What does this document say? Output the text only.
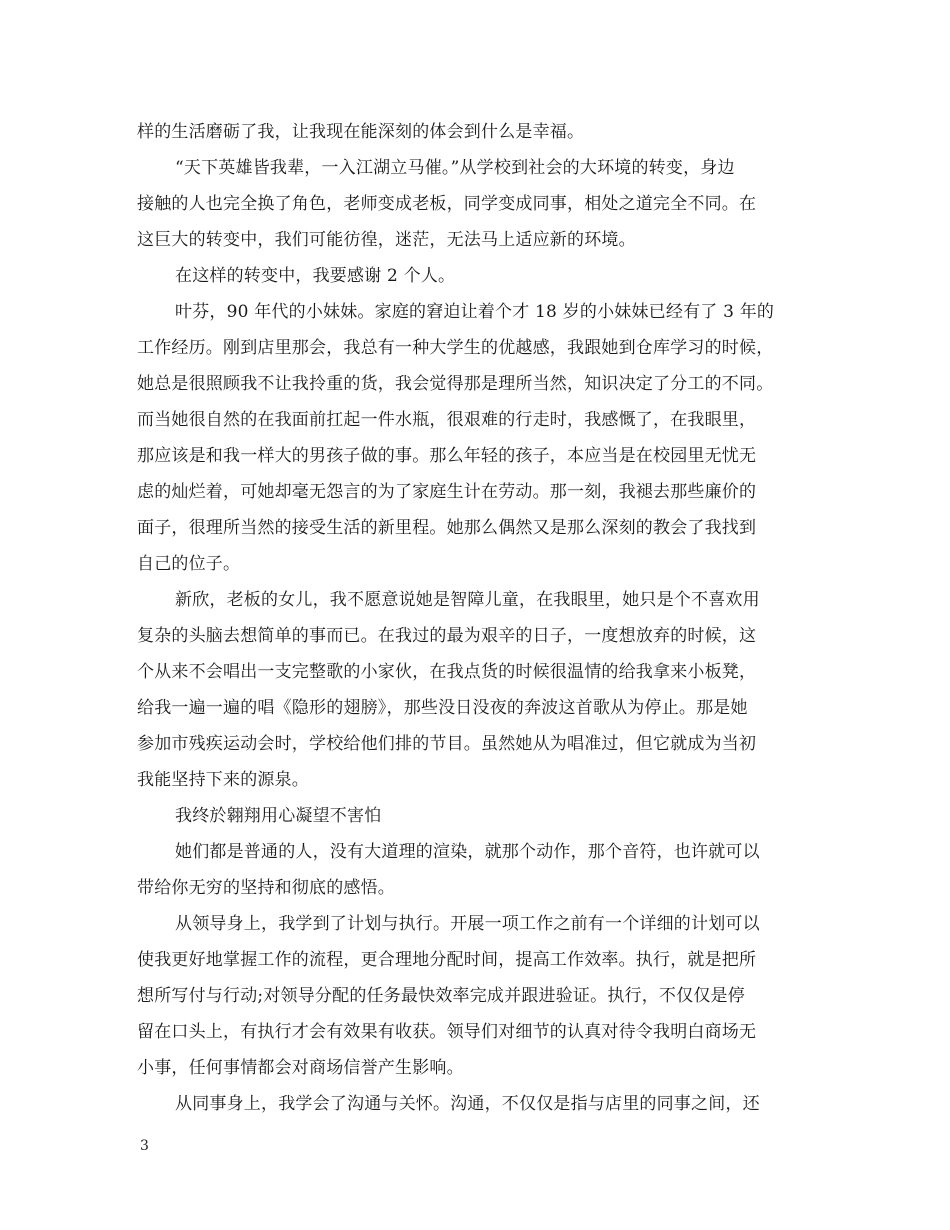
样的生活磨砺了我，让我现在能深刻的体会到什么是幸福。
“天下英雄皆我辈，一入江湖立马催。”从学校到社会的大环境的转变，身边
接触的人也完全换了角色，老师变成老板，同学变成同事，相处之道完全不同。在
这巨大的转变中，我们可能彷徨，迷茫，无法马上适应新的环境。
在这样的转变中，我要感谢 2 个人。
叶芬，90 年代的小妹妹。家庭的窘迫让着个才 18 岁的小妹妹已经有了 3 年的
工作经历。刚到店里那会，我总有一种大学生的优越感，我跟她到仓库学习的时候，
她总是很照顾我不让我拎重的货，我会觉得那是理所当然，知识决定了分工的不同。
而当她很自然的在我面前扛起一件水瓶，很艰难的行走时，我感慨了，在我眼里，
那应该是和我一样大的男孩子做的事。那么年轻的孩子，本应当是在校园里无忧无
虑的灿烂着，可她却毫无怨言的为了家庭生计在劳动。那一刻，我褪去那些廉价的
面子，很理所当然的接受生活的新里程。她那么偶然又是那么深刻的教会了我找到
自己的位子。
新欣，老板的女儿，我不愿意说她是智障儿童，在我眼里，她只是个不喜欢用
复杂的头脑去想简单的事而已。在我过的最为艰辛的日子，一度想放弃的时候，这
个从来不会唱出一支完整歌的小家伙，在我点货的时候很温情的给我拿来小板凳，
给我一遍一遍的唱《隐形的翅膀》，那些没日没夜的奔波这首歌从为停止。那是她
参加市残疾运动会时，学校给他们排的节目。虽然她从为唱准过，但它就成为当初
我能坚持下来的源泉。
我终於翱翔用心凝望不害怕
她们都是普通的人，没有大道理的渲染，就那个动作，那个音符，也许就可以
带给你无穷的坚持和彻底的感悟。
从领导身上，我学到了计划与执行。开展一项工作之前有一个详细的计划可以
使我更好地掌握工作的流程，更合理地分配时间，提高工作效率。执行，就是把所
想所写付与行动;对领导分配的任务最快效率完成并跟进验证。执行，不仅仅是停
留在口头上，有执行才会有效果有收获。领导们对细节的认真对待令我明白商场无
小事，任何事情都会对商场信誉产生影响。
从同事身上，我学会了沟通与关怀。沟通，不仅仅是指与店里的同事之间，还
3
